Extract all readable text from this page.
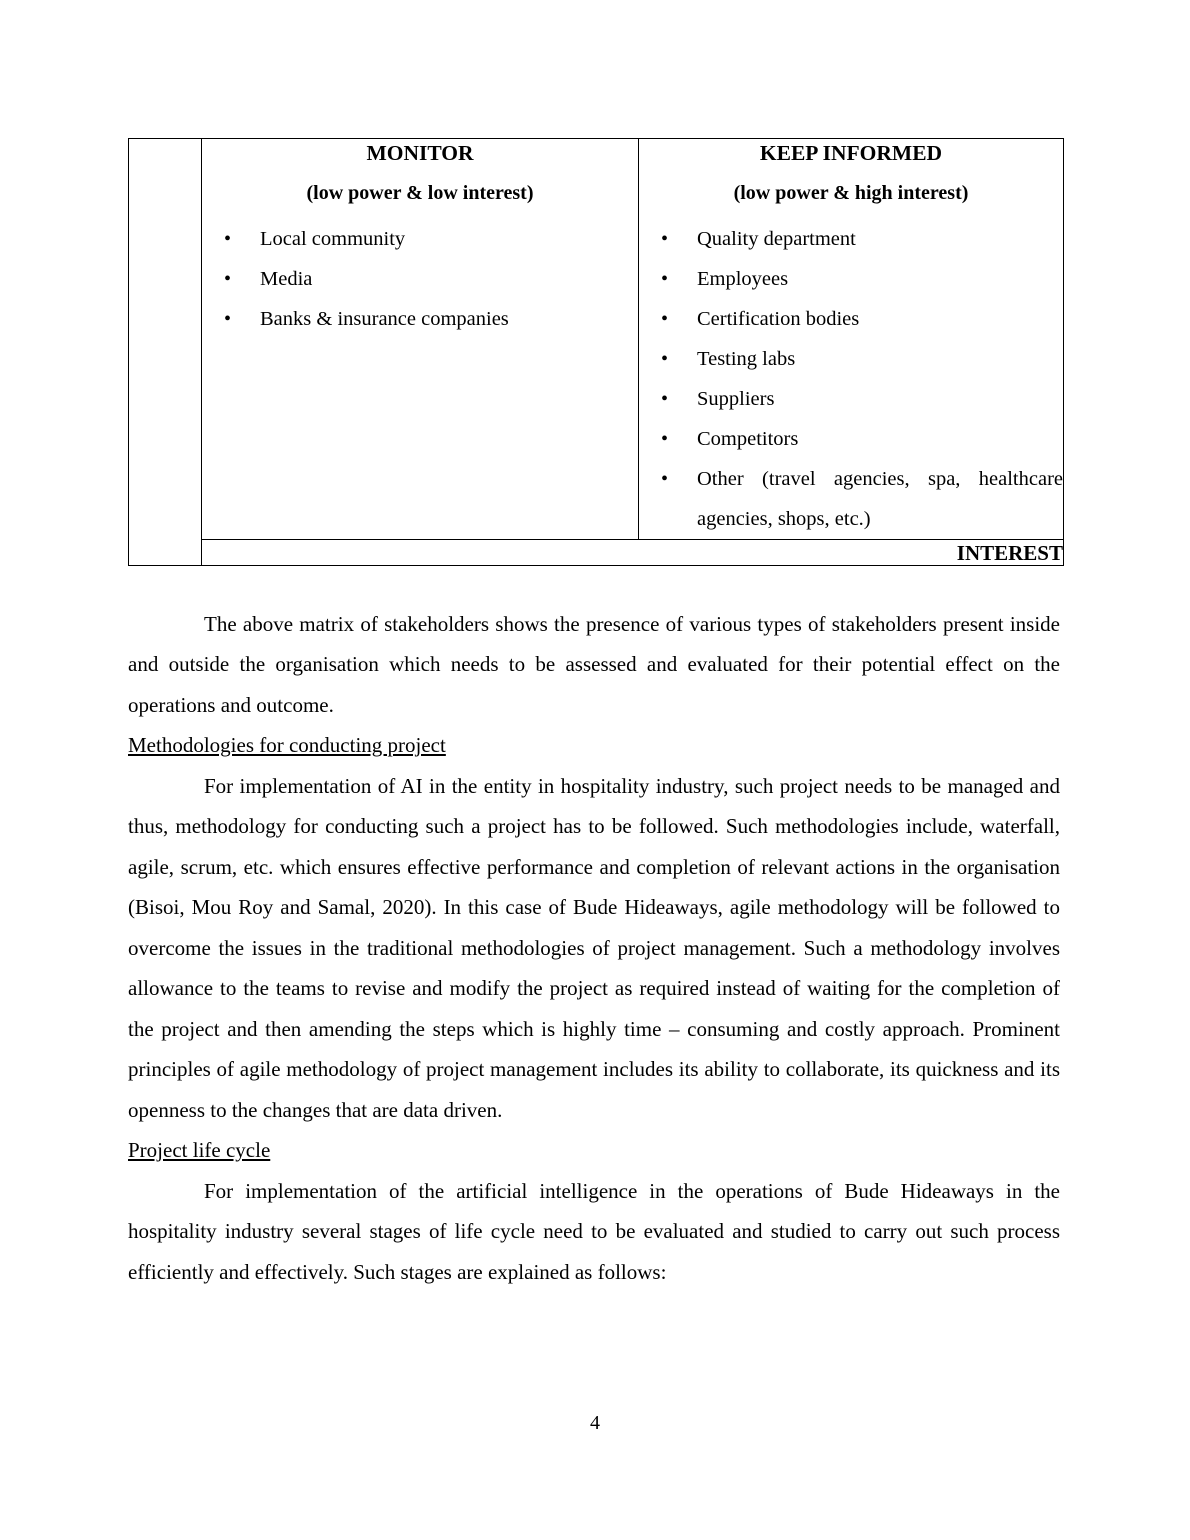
MONITOR
(low power & low interest)
• Local community
• Media
• Banks & insurance companies

KEEP INFORMED
(low power & high interest)
• Quality department
• Employees
• Certification bodies
• Testing labs
• Suppliers
• Competitors
• Other (travel agencies, spa, healthcare agencies, shops, etc.)

INTEREST

The above matrix of stakeholders shows the presence of various types of stakeholders present inside and outside the organisation which needs to be assessed and evaluated for their potential effect on the operations and outcome.

Methodologies for conducting project

For implementation of AI in the entity in hospitality industry, such project needs to be managed and thus, methodology for conducting such a project has to be followed. Such methodologies include, waterfall, agile, scrum, etc. which ensures effective performance and completion of relevant actions in the organisation (Bisoi, Mou Roy and Samal, 2020). In this case of Bude Hideaways, agile methodology will be followed to overcome the issues in the traditional methodologies of project management. Such a methodology involves allowance to the teams to revise and modify the project as required instead of waiting for the completion of the project and then amending the steps which is highly time – consuming and costly approach. Prominent principles of agile methodology of project management includes its ability to collaborate, its quickness and its openness to the changes that are data driven.

Project life cycle

For implementation of the artificial intelligence in the operations of Bude Hideaways in the hospitality industry several stages of life cycle need to be evaluated and studied to carry out such process efficiently and effectively. Such stages are explained as follows:

4
